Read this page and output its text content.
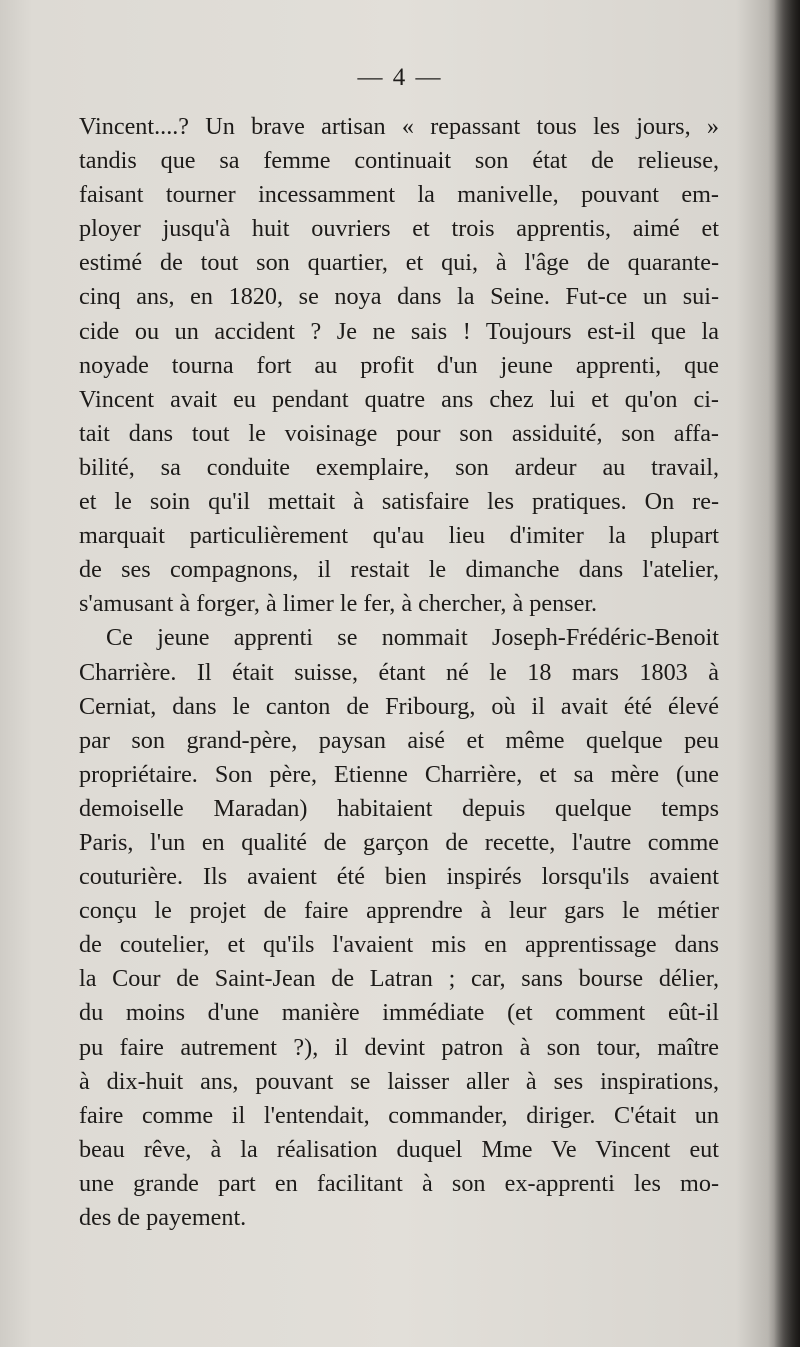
— 4 —
Vincent....? Un brave artisan « repassant tous les jours, »
tandis que sa femme continuait son état de relieuse,
faisant tourner incessamment la manivelle, pouvant em-
ployer jusqu'à huit ouvriers et trois apprentis, aimé et
estimé de tout son quartier, et qui, à l'âge de quarante-
cinq ans, en 1820, se noya dans la Seine. Fut-ce un sui-
cide ou un accident ? Je ne sais ! Toujours est-il que la
noyade tourna fort au profit d'un jeune apprenti, que
Vincent avait eu pendant quatre ans chez lui et qu'on ci-
tait dans tout le voisinage pour son assiduité, son affa-
bilité, sa conduite exemplaire, son ardeur au travail,
et le soin qu'il mettait à satisfaire les pratiques. On re-
marquait particulièrement qu'au lieu d'imiter la plupart
de ses compagnons, il restait le dimanche dans l'atelier,
s'amusant à forger, à limer le fer, à chercher, à penser.
Ce jeune apprenti se nommait Joseph-Frédéric-Benoit
Charrière. Il était suisse, étant né le 18 mars 1803 à
Cerniat, dans le canton de Fribourg, où il avait été élevé
par son grand-père, paysan aisé et même quelque peu
propriétaire. Son père, Etienne Charrière, et sa mère (une
demoiselle Maradan) habitaient depuis quelque temps
Paris, l'un en qualité de garçon de recette, l'autre comme
couturière. Ils avaient été bien inspirés lorsqu'ils avaient
conçu le projet de faire apprendre à leur gars le métier
de coutelier, et qu'ils l'avaient mis en apprentissage dans
la Cour de Saint-Jean de Latran ; car, sans bourse délier,
du moins d'une manière immédiate (et comment eût-il
pu faire autrement ?), il devint patron à son tour, maître
à dix-huit ans, pouvant se laisser aller à ses inspirations,
faire comme il l'entendait, commander, diriger. C'était un
beau rêve, à la réalisation duquel Mme Ve Vincent eut
une grande part en facilitant à son ex-apprenti les mo-
des de payement.
